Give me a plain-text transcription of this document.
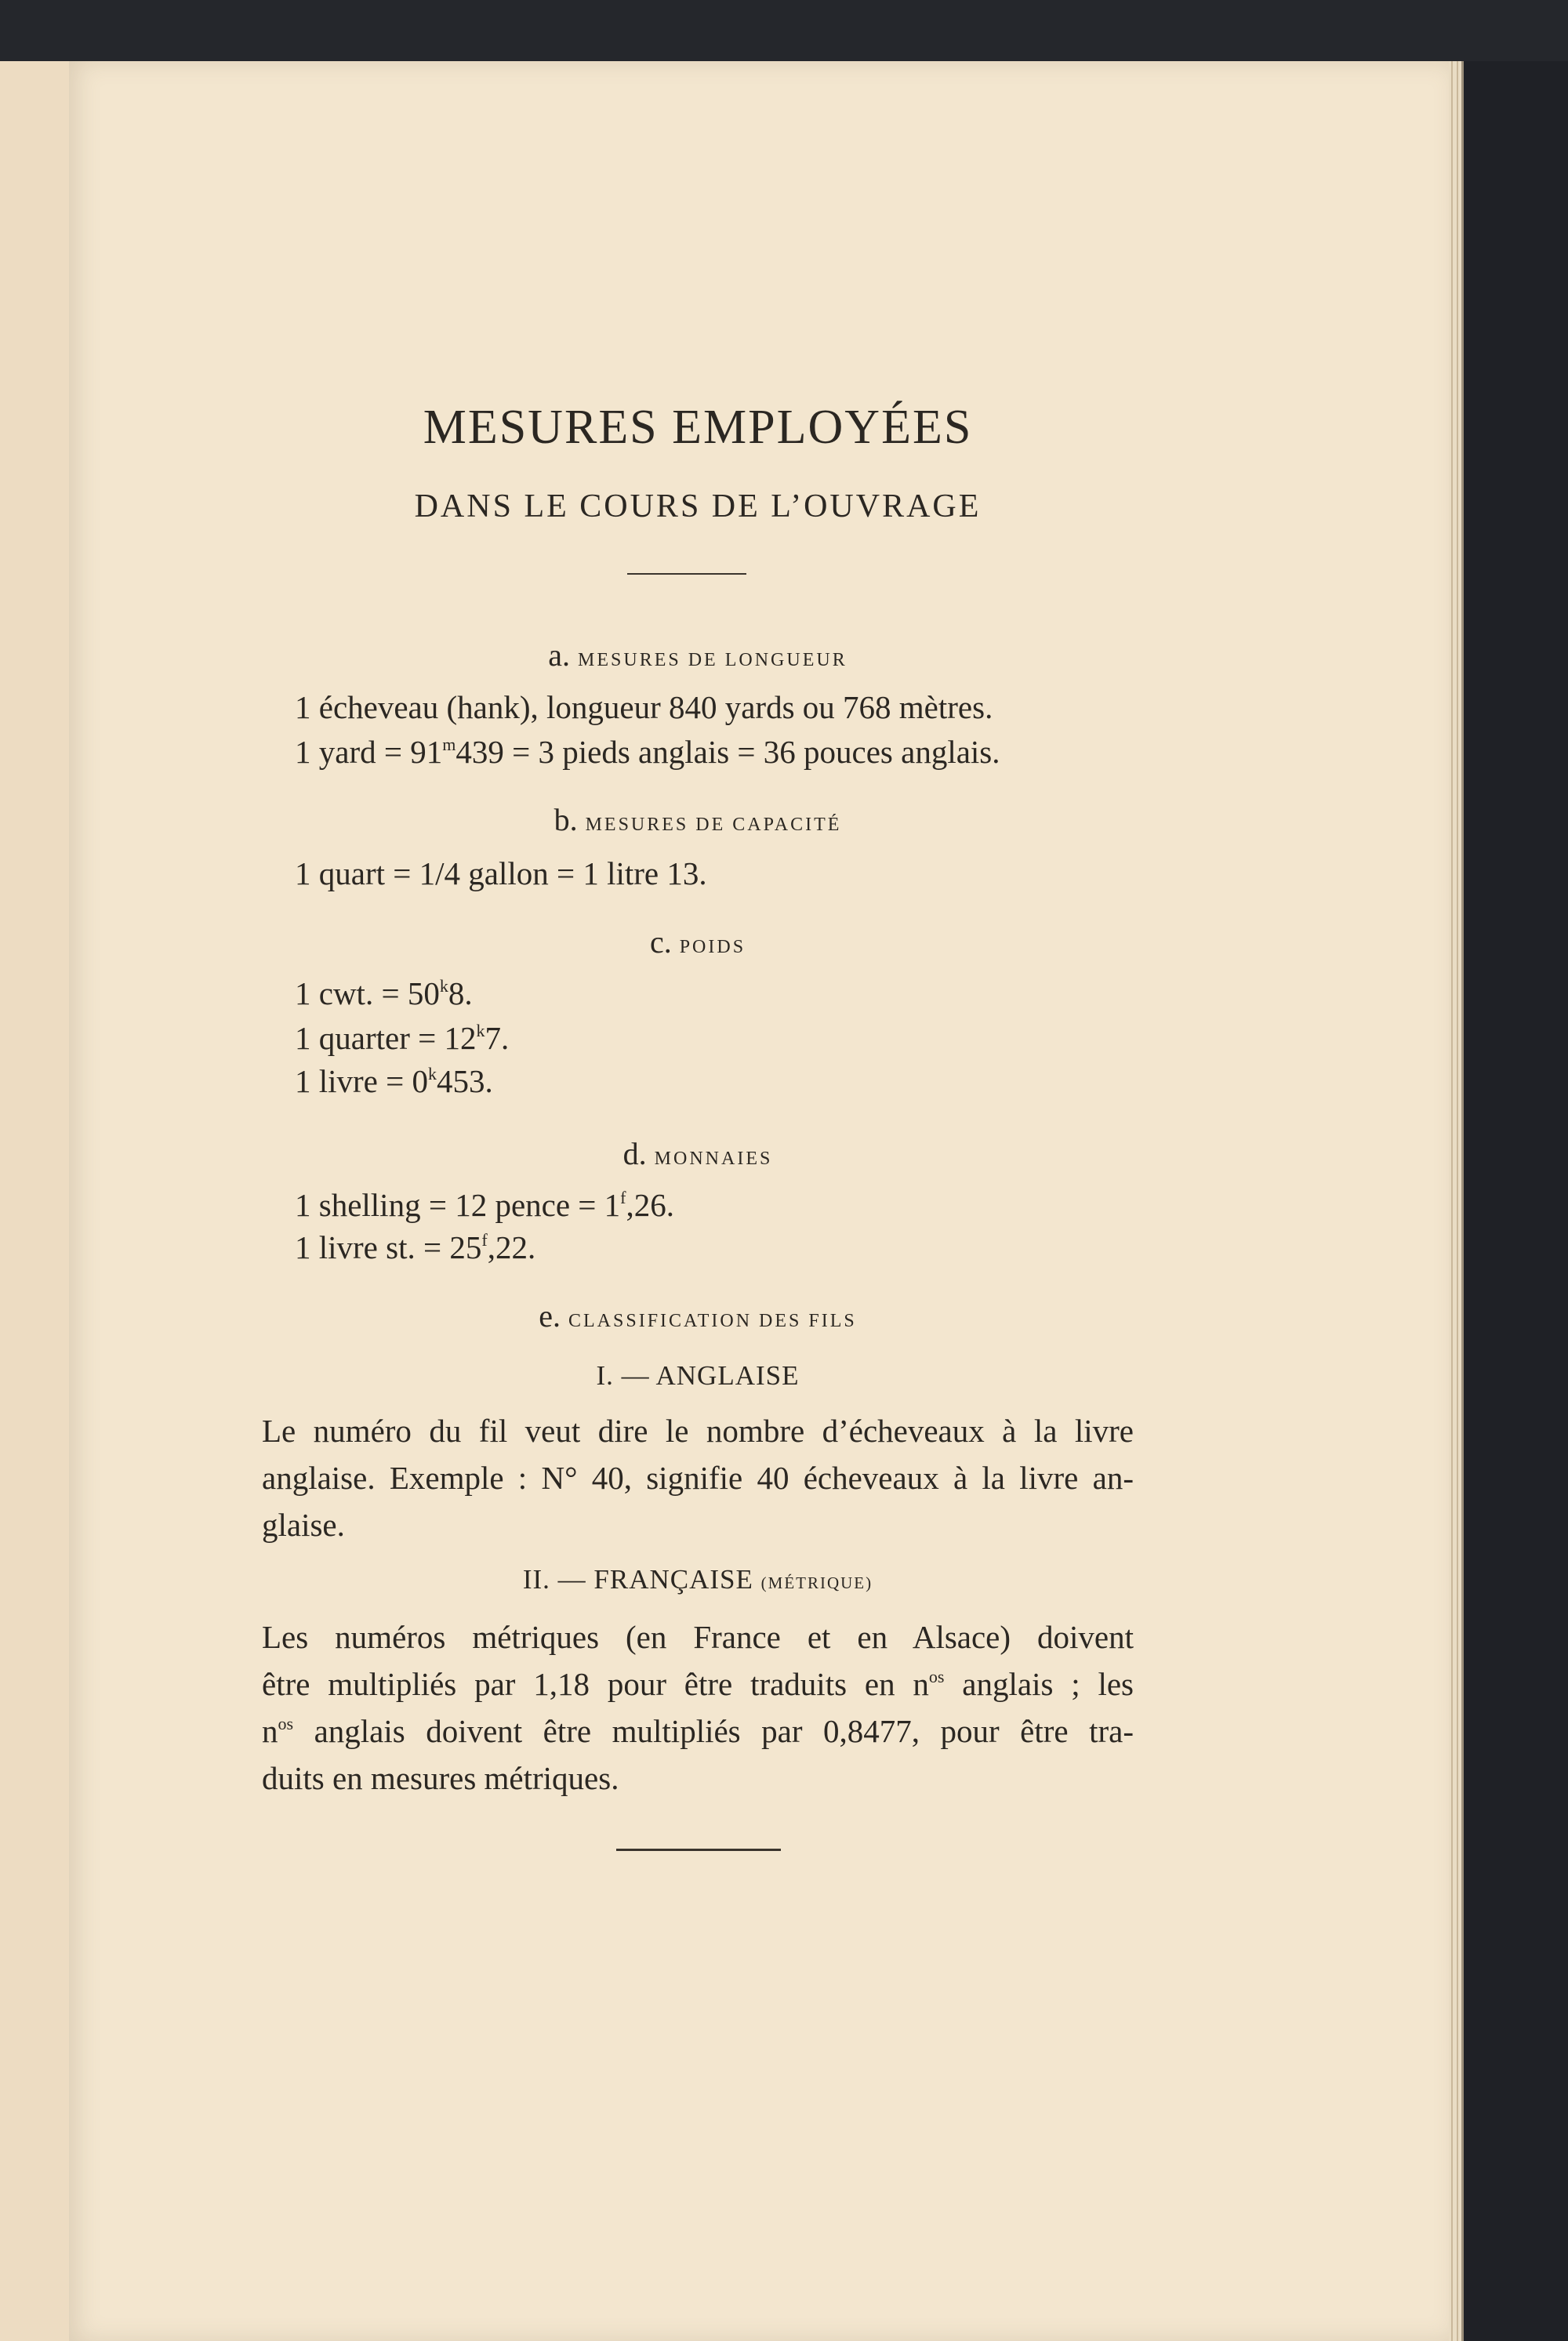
MESURES EMPLOYÉES
DANS LE COURS DE L’OUVRAGE
a. MESURES DE LONGUEUR
1 écheveau (hank), longueur 840 yards ou 768 mètres.
1 yard = $91^m439 = 3$ pieds anglais = 36 pouces anglais.
b. MESURES DE CAPACITÉ
1 quart = 1/4 gallon = 1 litre 13.
c. POIDS
1 cwt. = $50^k8$.
1 quarter = $12^k7$.
1 livre = $0^k453$.
d. MONNAIES
1 shelling = 12 pence = $1^f,26$.
1 livre st. = $25^f,22$.
e. CLASSIFICATION DES FILS
I. — ANGLAISE
Le numéro du fil veut dire le nombre d’écheveaux à la livre
anglaise. Exemple : N° 40, signifie 40 écheveaux à la livre an-
glaise.
II. — FRANÇAISE (MÉTRIQUE)
Les numéros métriques (en France et en Alsace) doivent
être multipliés par 1,18 pour être traduits en $n^{os}$ anglais ; les
$n^{os}$ anglais doivent être multipliés par 0,8477, pour être tra-
duits en mesures métriques.
